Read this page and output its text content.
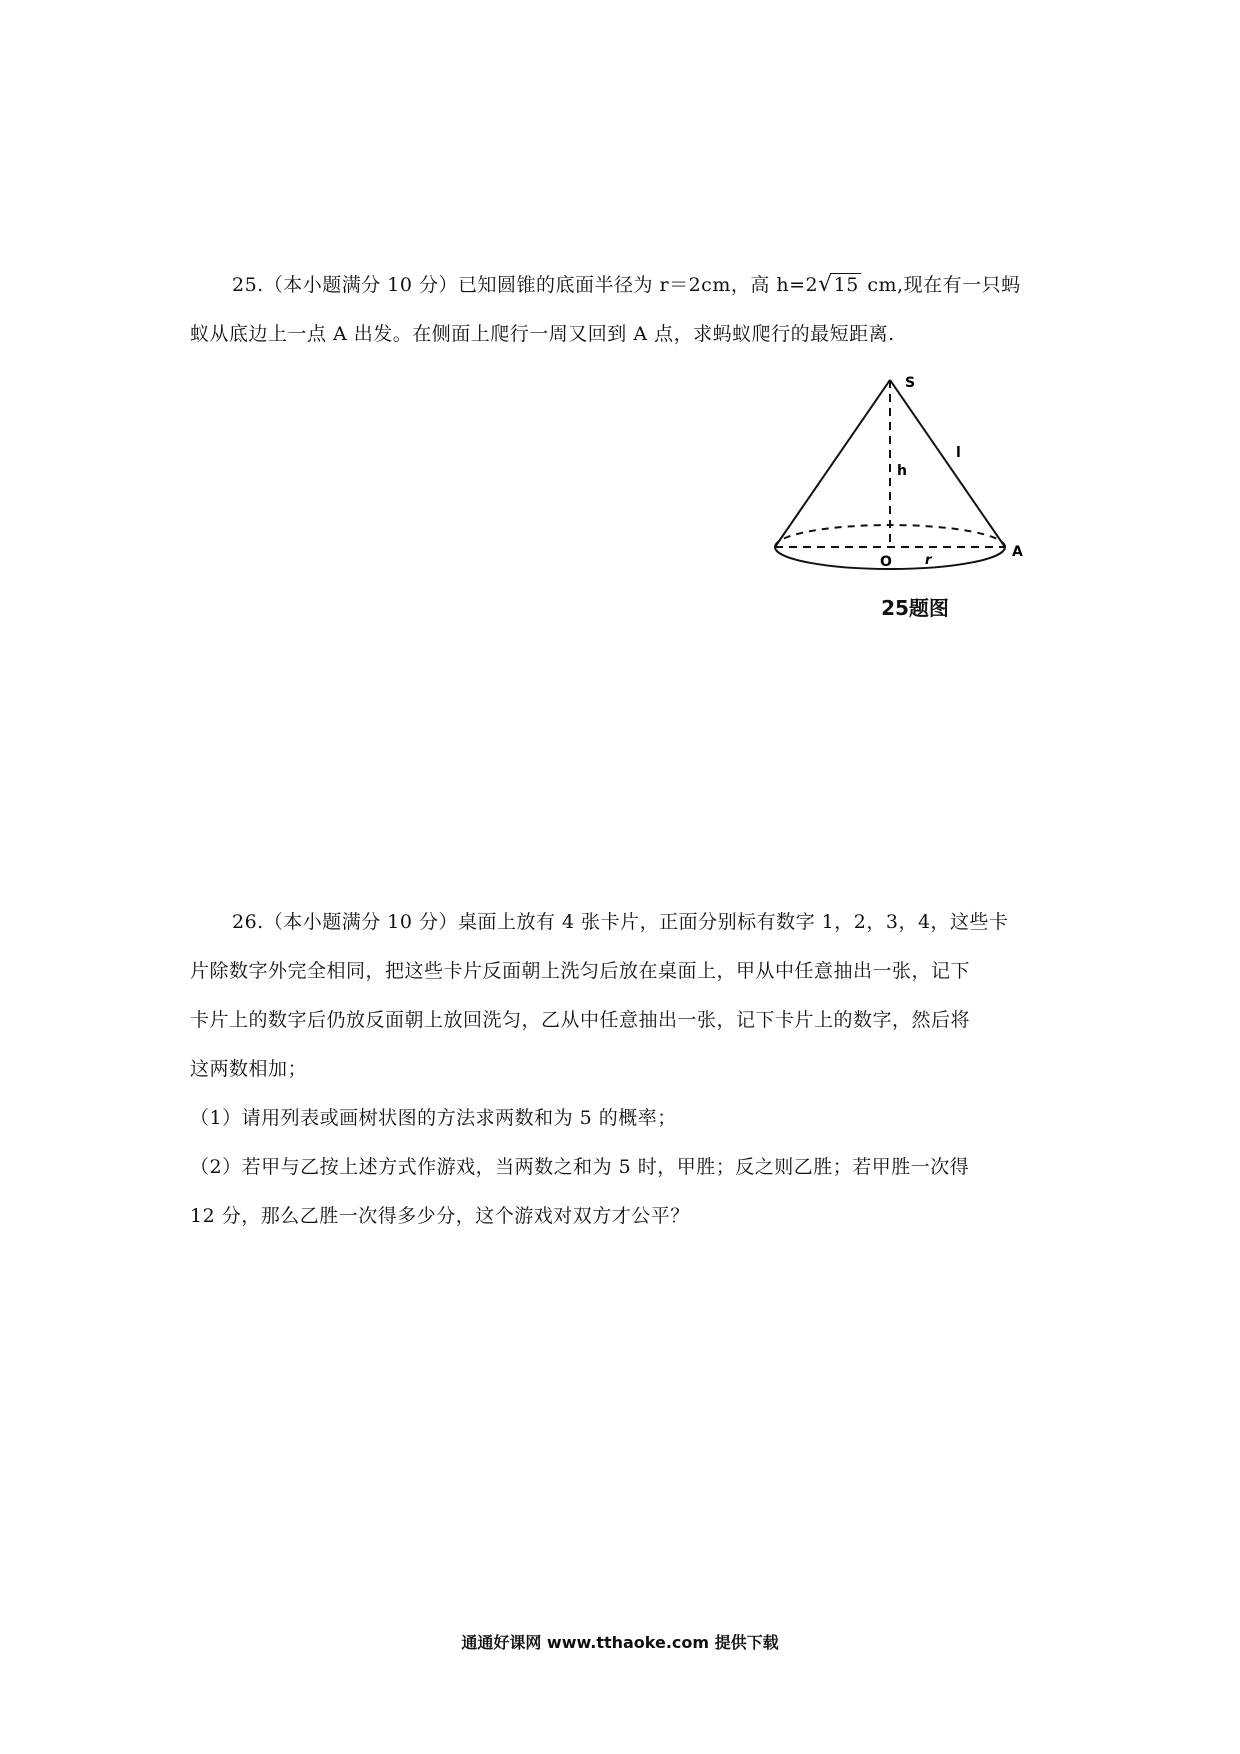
25.（本小题满分 10 分）已知圆锥的底面半径为 r＝2cm，高 h=2√15 cm,现在有一只蚂
蚁从底边上一点 A 出发。在侧面上爬行一周又回到 A 点，求蚂蚁爬行的最短距离.
S
h
l
O	r
A
25题图
26.（本小题满分 10 分）桌面上放有 4 张卡片，正面分别标有数字 1，2，3，4，这些卡
片除数字外完全相同，把这些卡片反面朝上洗匀后放在桌面上，甲从中任意抽出一张，记下
卡片上的数字后仍放反面朝上放回洗匀，乙从中任意抽出一张，记下卡片上的数字，然后将
这两数相加；
（1）请用列表或画树状图的方法求两数和为 5 的概率；
（2）若甲与乙按上述方式作游戏，当两数之和为 5 时，甲胜；反之则乙胜；若甲胜一次得
12 分，那么乙胜一次得多少分，这个游戏对双方才公平？
通通好课网 www.tthaoke.com 提供下载
